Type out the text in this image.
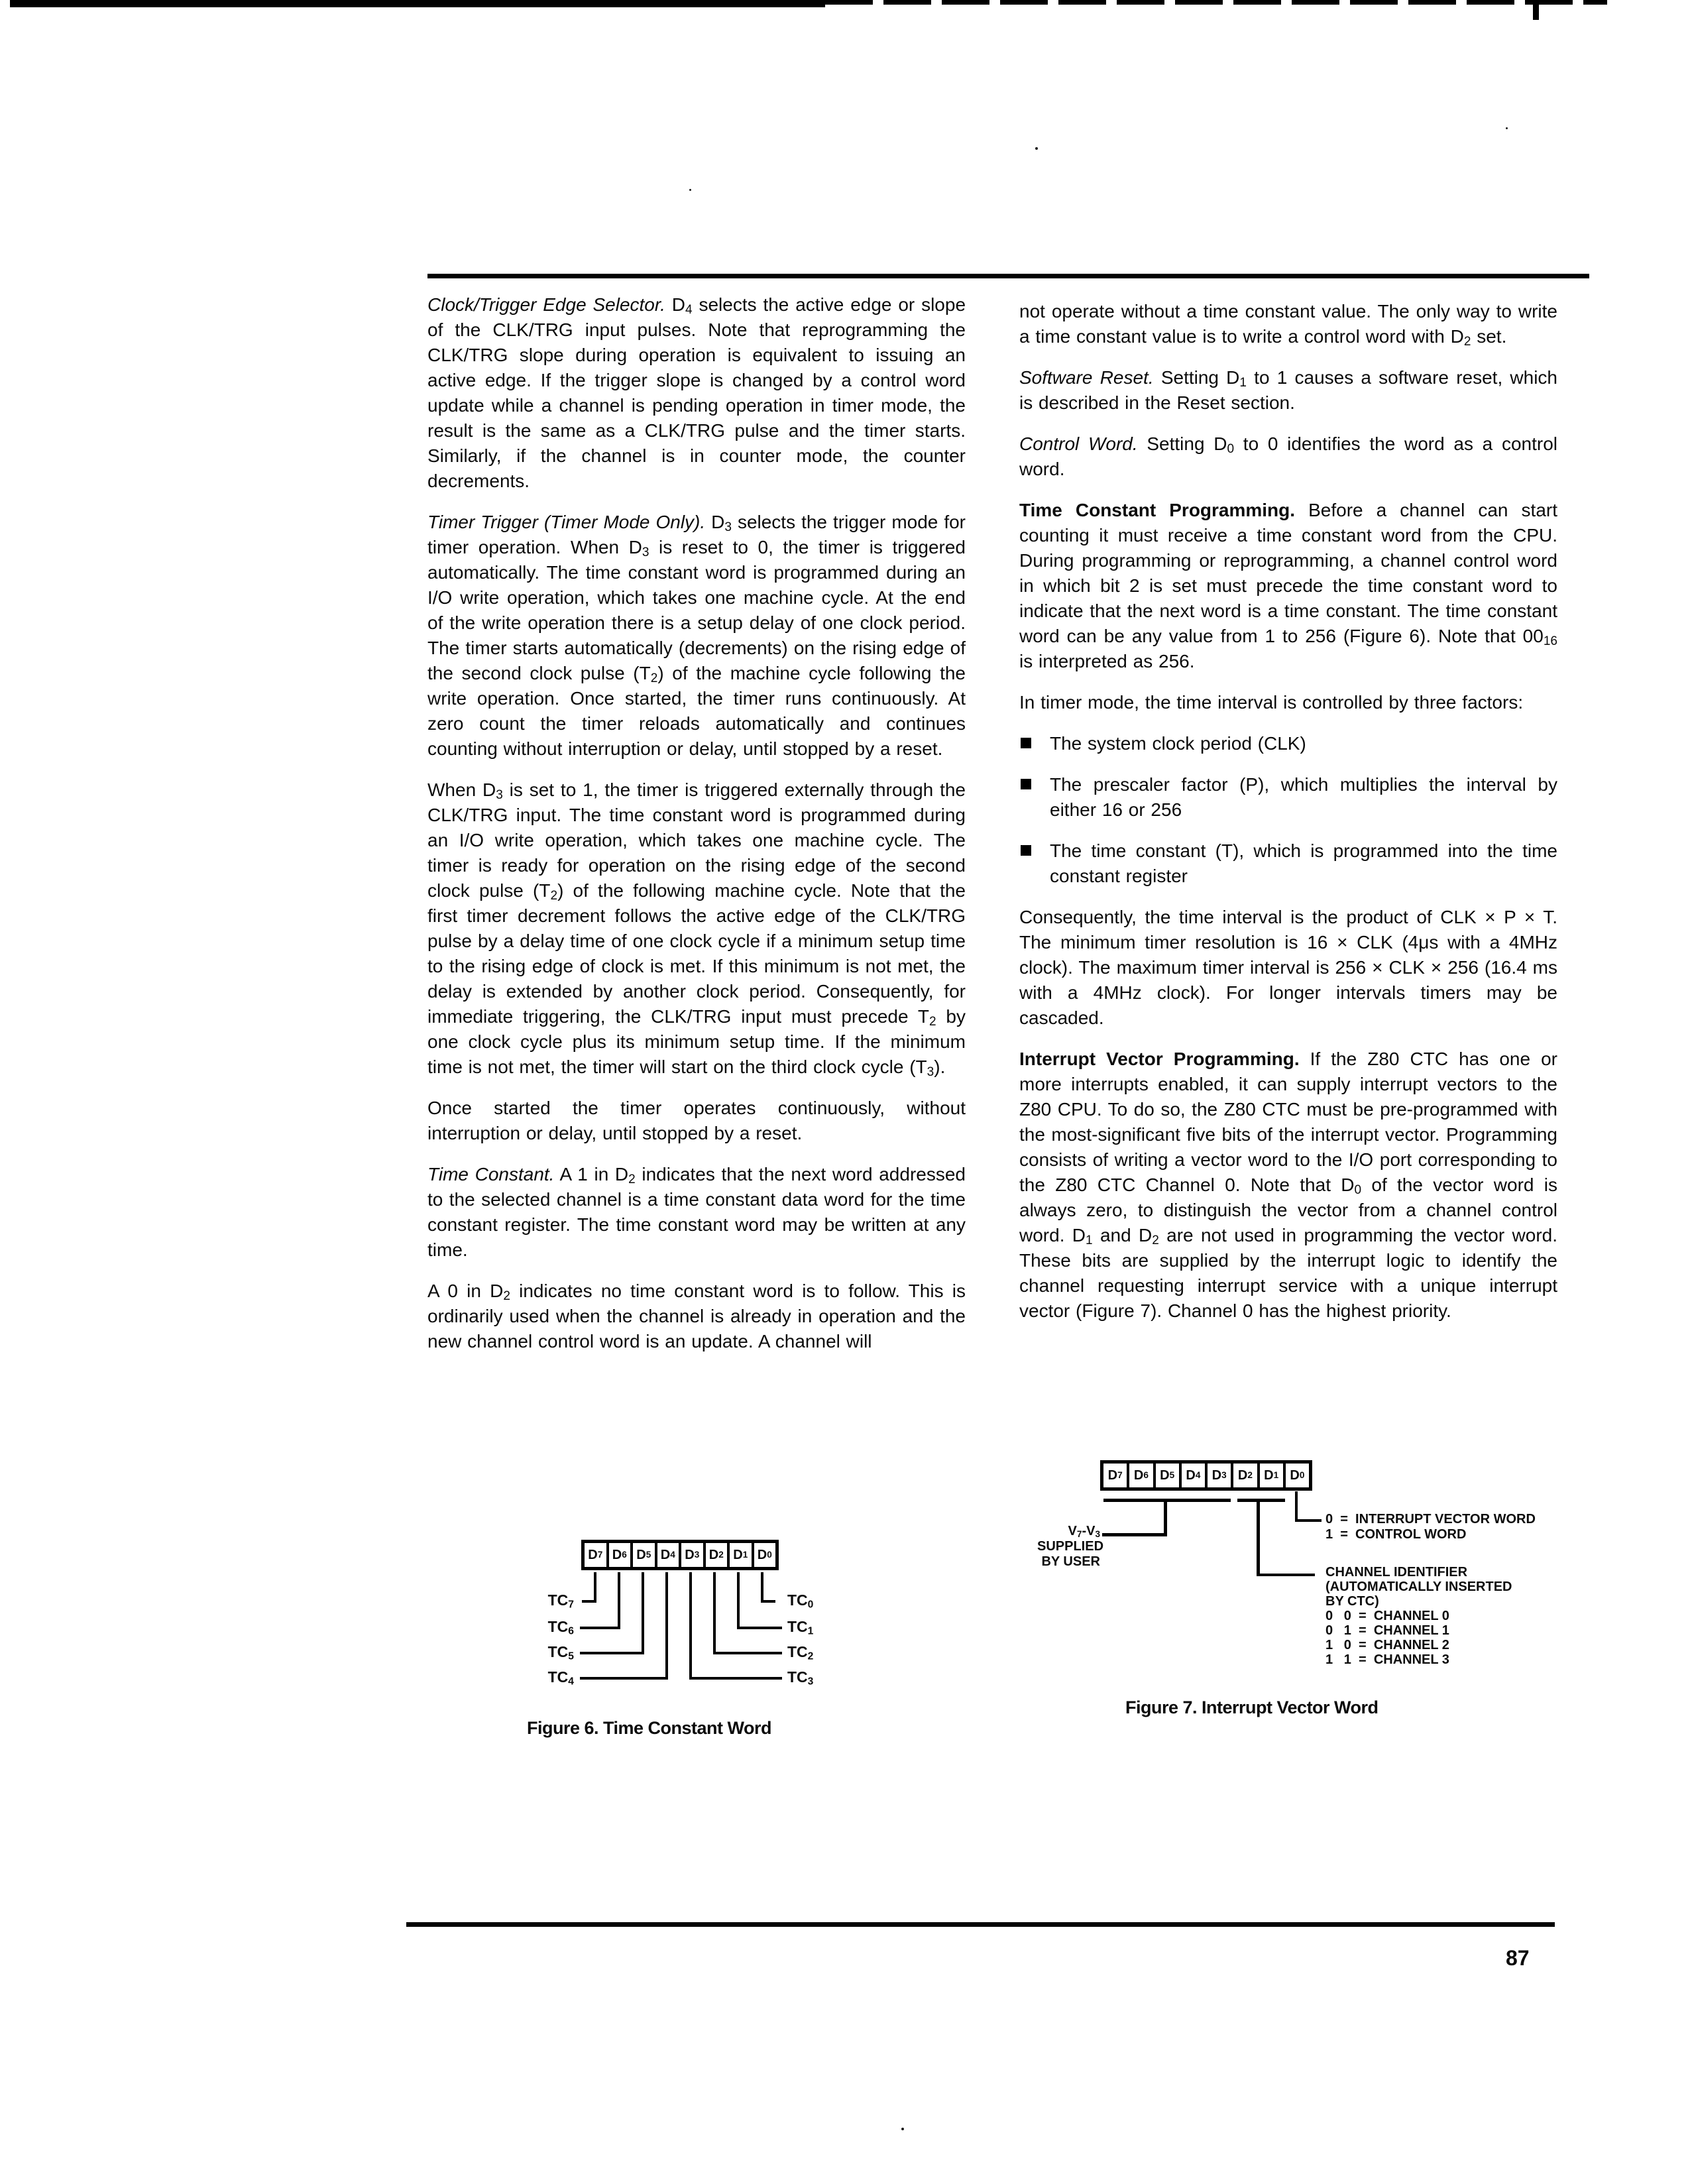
Clock/Trigger Edge Selector. $D_4$ selects the active edge or slope of the CLK/TRG input pulses. Note that reprogramming the CLK/TRG slope during operation is equivalent to issuing an active edge. If the trigger slope is changed by a control word update while a channel is pending operation in timer mode, the result is the same as a CLK/TRG pulse and the timer starts. Similarly, if the channel is in counter mode, the counter decrements.

Timer Trigger (Timer Mode Only). $D_3$ selects the trigger mode for timer operation. When $D_3$ is reset to 0, the timer is triggered automatically. The time constant word is programmed during an I/O write operation, which takes one machine cycle. At the end of the write operation there is a setup delay of one clock period. The timer starts automatically (decrements) on the rising edge of the second clock pulse $(T_2)$ of the machine cycle following the write operation. Once started, the timer runs continuously. At zero count the timer reloads automatically and continues counting without interruption or delay, until stopped by a reset.

When $D_3$ is set to 1, the timer is triggered externally through the CLK/TRG input. The time constant word is programmed during an I/O write operation, which takes one machine cycle. The timer is ready for operation on the rising edge of the second clock pulse $(T_2)$ of the following machine cycle. Note that the first timer decrement follows the active edge of the CLK/TRG pulse by a delay time of one clock cycle if a minimum setup time to the rising edge of clock is met. If this minimum is not met, the delay is extended by another clock period. Consequently, for immediate triggering, the CLK/TRG input must precede $T_2$ by one clock cycle plus its minimum setup time. If the minimum time is not met, the timer will start on the third clock cycle $(T_3)$.

Once started the timer operates continuously, without interruption or delay, until stopped by a reset.

Time Constant. A 1 in $D_2$ indicates that the next word addressed to the selected channel is a time constant data word for the time constant register. The time constant word may be written at any time.

A 0 in $D_2$ indicates no time constant word is to follow. This is ordinarily used when the channel is already in operation and the new channel control word is an update. A channel will

not operate without a time constant value. The only way to write a time constant value is to write a control word with $D_2$ set.

Software Reset. Setting $D_1$ to 1 causes a software reset, which is described in the Reset section.

Control Word. Setting $D_0$ to 0 identifies the word as a control word.

Time Constant Programming. Before a channel can start counting it must receive a time constant word from the CPU. During programming or reprogramming, a channel control word in which bit 2 is set must precede the time constant word to indicate that the next word is a time constant. The time constant word can be any value from 1 to 256 (Figure 6). Note that $00_{16}$ is interpreted as 256.

In timer mode, the time interval is controlled by three factors:

The system clock period (CLK)
The prescaler factor (P), which multiplies the interval by either 16 or 256
The time constant (T), which is programmed into the time constant register

Consequently, the time interval is the product of CLK × P × T. The minimum timer resolution is 16 × CLK (4μs with a 4MHz clock). The maximum timer interval is 256 × CLK × 256 (16.4 ms with a 4MHz clock). For longer intervals timers may be cascaded.

Interrupt Vector Programming. If the Z80 CTC has one or more interrupts enabled, it can supply interrupt vectors to the Z80 CPU. To do so, the Z80 CTC must be pre-programmed with the most-significant five bits of the interrupt vector. Programming consists of writing a vector word to the I/O port corresponding to the Z80 CTC Channel 0. Note that $D_0$ of the vector word is always zero, to distinguish the vector from a channel control word. $D_1$ and $D_2$ are not used in programming the vector word. These bits are supplied by the interrupt logic to identify the channel requesting interrupt service with a unique interrupt vector (Figure 7). Channel 0 has the highest priority.

D 7 D 6 D 5 D 4 D 3 D 2 D 1 D 0
$TC_7$
$TC_6$
$TC_5$
$TC_4$
$TC_0$
$TC_1$
$TC_2$
$TC_3$
Figure 6. Time Constant Word
D 7 D 6 D 5 D 4 D 3 D 2 D 1 D 0
$V_7-V_3$
SUPPLIED
BY USER
0  =  INTERRUPT VECTOR WORD
1  =  CONTROL WORD
CHANNEL IDENTIFIER
(AUTOMATICALLY INSERTED
BY CTC)
0   0  =  CHANNEL 0
0   1  =  CHANNEL 1
1   0  =  CHANNEL 2
1   1  =  CHANNEL 3
Figure 7. Interrupt Vector Word
87
